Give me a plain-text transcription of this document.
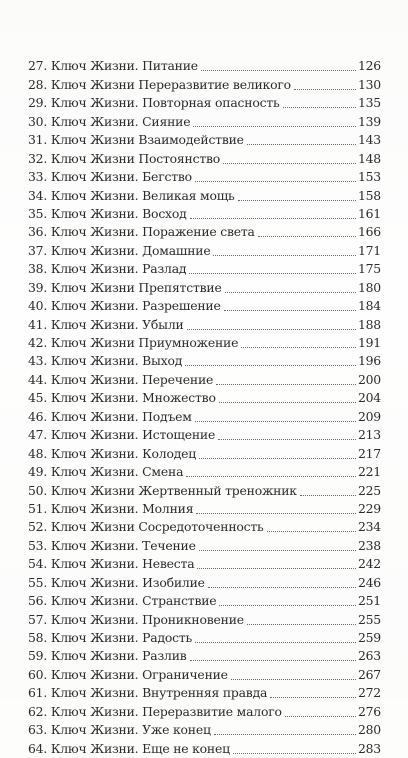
27. Ключ Жизни. Питание	126
28. Ключ Жизни Переразвитие великого	130
29. Ключ Жизни. Повторная опасность	135
30. Ключ Жизни. Сияние	139
31. Ключ Жизни Взаимодействие	143
32. Ключ Жизни Постоянство	148
33. Ключ Жизни. Бегство	153
34. Ключ Жизни. Великая мощь	158
35. Ключ Жизни. Восход	161
36. Ключ Жизни. Поражение света	166
37. Ключ Жизни. Домашние	171
38. Ключ Жизни. Разлад	175
39. Ключ Жизни Препятствие	180
40. Ключ Жизни. Разрешение	184
41. Ключ Жизни. Убыли	188
42. Ключ Жизни Приумножение	191
43. Ключ Жизни. Выход	196
44. Ключ Жизни. Перечение	200
45. Ключ Жизни. Множество	204
46. Ключ Жизни. Подъем	209
47. Ключ Жизни. Истощение	213
48. Ключ Жизни. Колодец	217
49. Ключ Жизни. Смена	221
50. Ключ Жизни Жертвенный треножник	225
51. Ключ Жизни. Молния	229
52. Ключ Жизни Сосредоточенность	234
53. Ключ Жизни. Течение	238
54. Ключ Жизни. Невеста	242
55. Ключ Жизни. Изобилие	246
56. Ключ Жизни. Странствие	251
57. Ключ Жизни. Проникновение	255
58. Ключ Жизни. Радость	259
59. Ключ Жизни. Разлив	263
60. Ключ Жизни. Ограничение	267
61. Ключ Жизни. Внутренняя правда	272
62. Ключ Жизни. Переразвитие малого	276
63. Ключ Жизни. Уже конец	280
64. Ключ Жизни. Еще не конец	283
